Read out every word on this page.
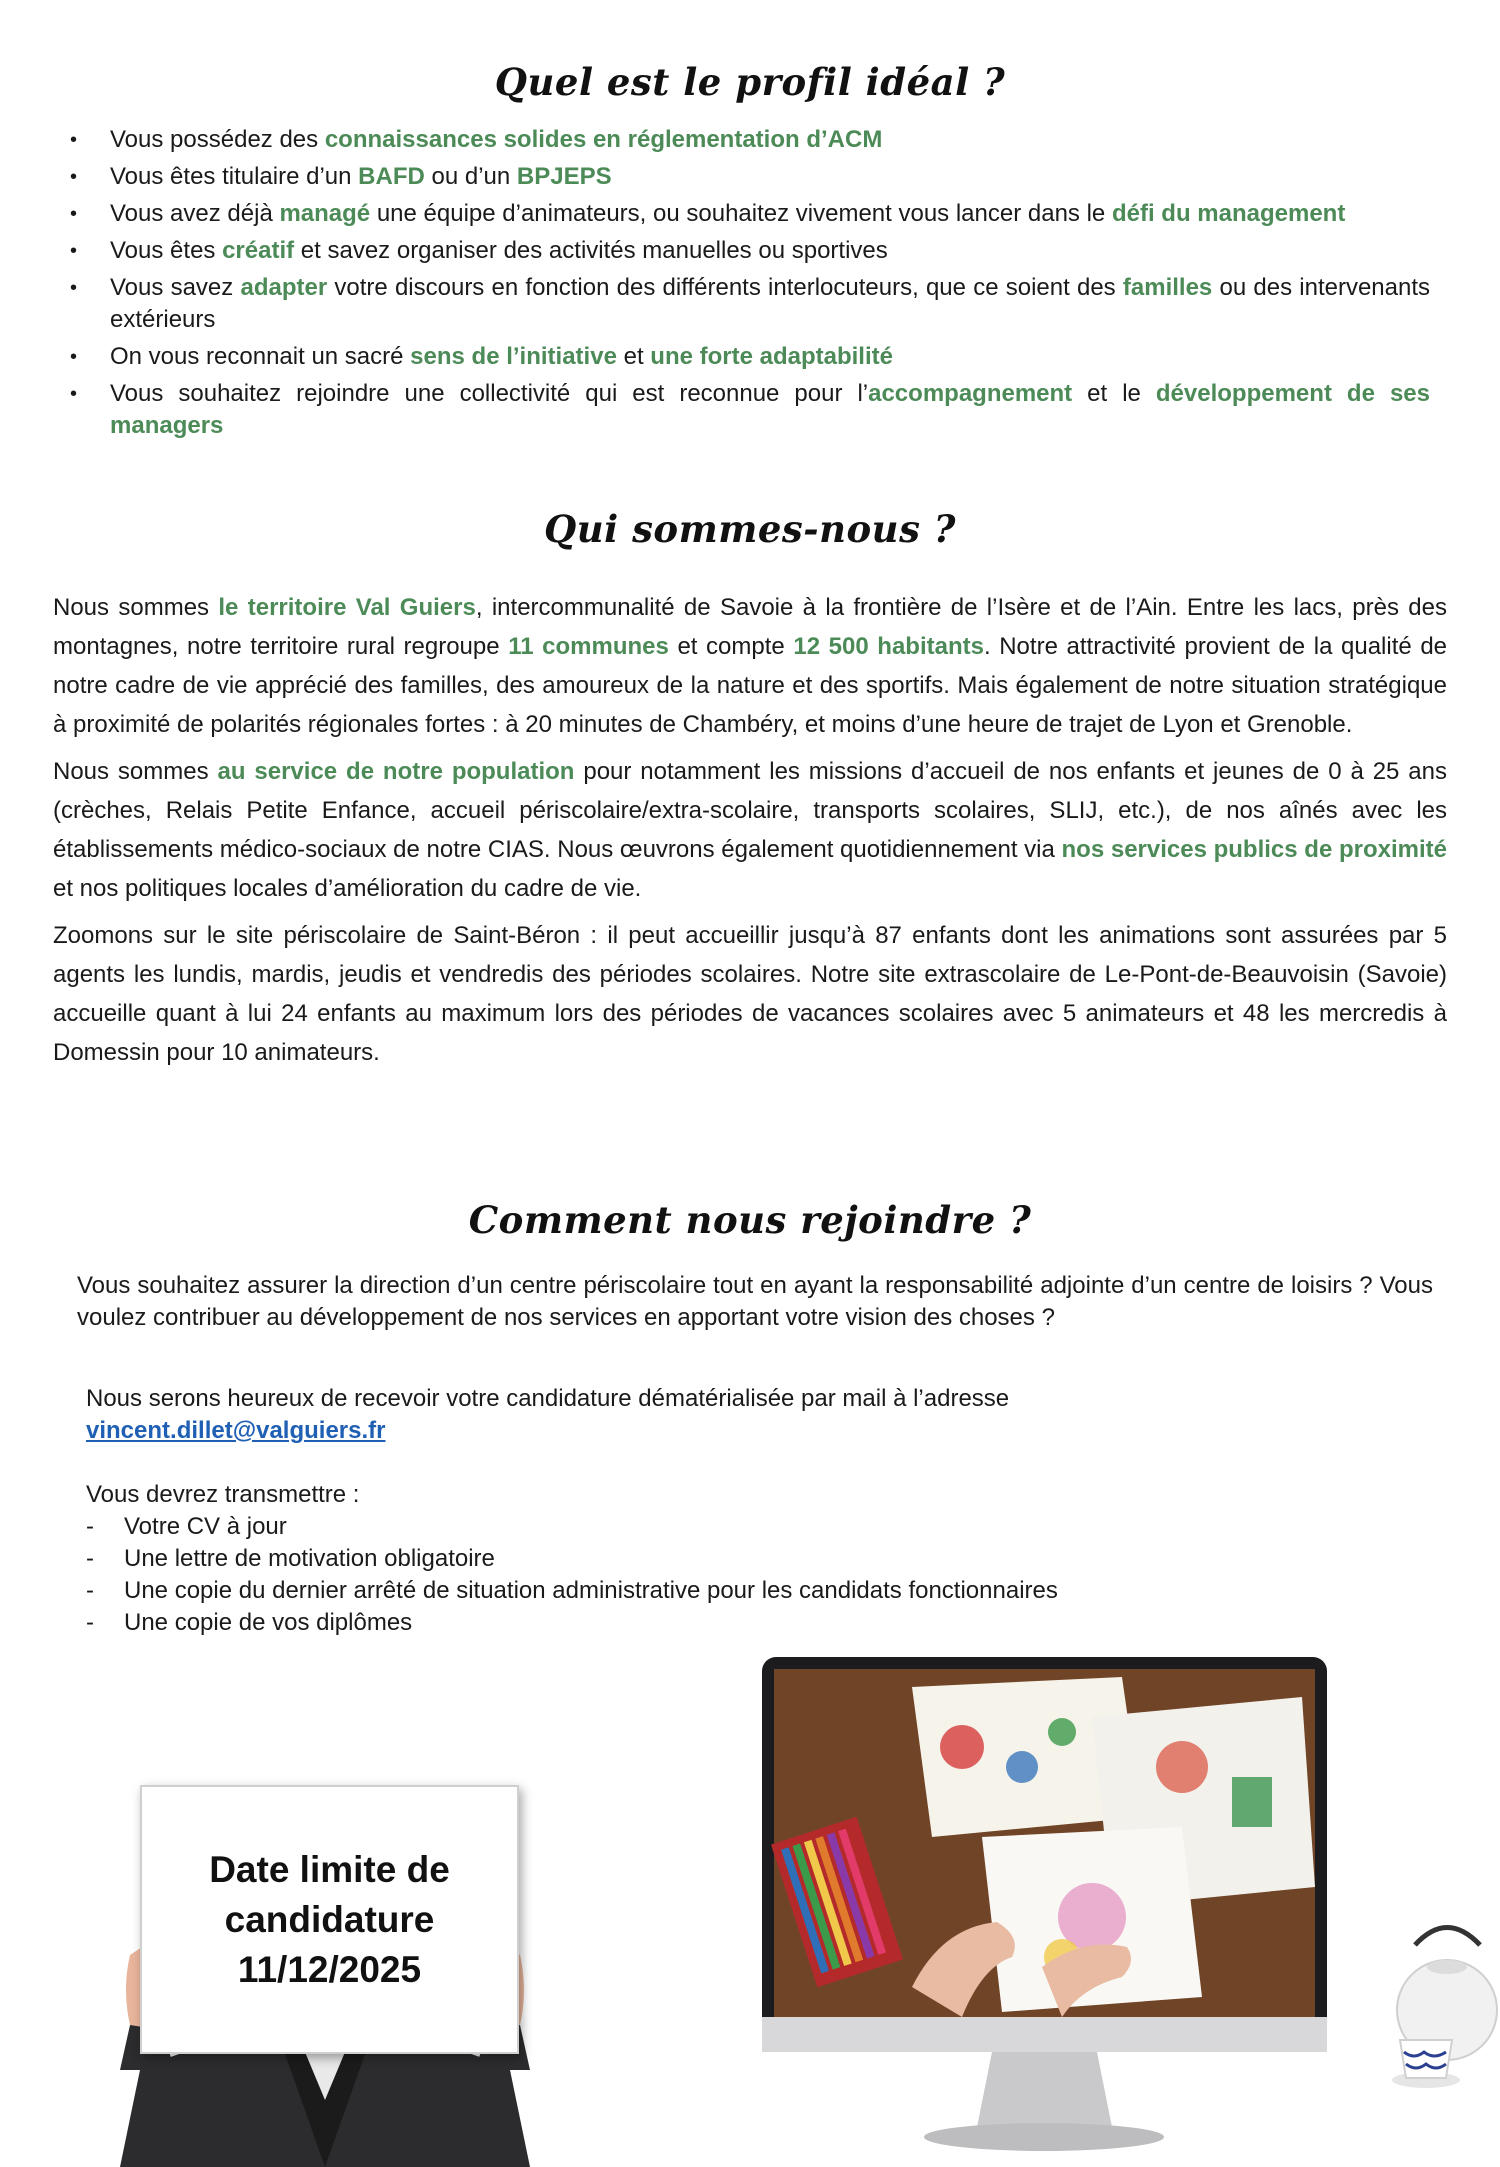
Quel est le profil idéal ?
• Vous possédez des connaissances solides en réglementation d’ACM
• Vous êtes titulaire d’un BAFD ou d’un BPJEPS
• Vous avez déjà managé une équipe d’animateurs, ou souhaitez vivement vous lancer dans le défi du management
• Vous êtes créatif et savez organiser des activités manuelles ou sportives
• Vous savez adapter votre discours en fonction des différents interlocuteurs, que ce soient des familles ou des intervenants extérieurs
• On vous reconnait un sacré sens de l’initiative et une forte adaptabilité
• Vous souhaitez rejoindre une collectivité qui est reconnue pour l’accompagnement et le développement de ses managers
Qui sommes-nous ?

Nous sommes le territoire Val Guiers, intercommunalité de Savoie à la frontière de l’Isère et de l’Ain. Entre les lacs, près des montagnes, notre territoire rural regroupe 11 communes et compte 12 500 habitants. Notre attractivité provient de la qualité de notre cadre de vie apprécié des familles, des amoureux de la nature et des sportifs. Mais également de notre situation stratégique à proximité de polarités régionales fortes : à 20 minutes de Chambéry, et moins d’une heure de trajet de Lyon et Grenoble.

Nous sommes au service de notre population pour notamment les missions d’accueil de nos enfants et jeunes de 0 à 25 ans (crèches, Relais Petite Enfance, accueil périscolaire/extra-scolaire, transports scolaires, SLIJ, etc.), de nos aînés avec les établissements médico-sociaux de notre CIAS. Nous œuvrons également quotidiennement via nos services publics de proximité et nos politiques locales d’amélioration du cadre de vie.

Zoomons sur le site périscolaire de Saint-Béron : il peut accueillir jusqu’à 87 enfants dont les animations sont assurées par 5 agents les lundis, mardis, jeudis et vendredis des périodes scolaires. Notre site extrascolaire de Le-Pont-de-Beauvoisin (Savoie) accueille quant à lui 24 enfants au maximum lors des périodes de vacances scolaires avec 5 animateurs et 48 les mercredis à Domessin pour 10 animateurs.

Comment nous rejoindre ?

Vous souhaitez assurer la direction d’un centre périscolaire tout en ayant la responsabilité adjointe d’un centre de loisirs ? Vous voulez contribuer au développement de nos services en apportant votre vision des choses ?

Nous serons heureux de recevoir votre candidature dématérialisée par mail à l’adresse

vincent.dillet@valguiers.fr

Vous devrez transmettre :

- Votre CV à jour
- Une lettre de motivation obligatoire
- Une copie du dernier arrêté de situation administrative pour les candidats fonctionnaires
- Une copie de vos diplômes
Date limite de
candidature
11/12/2025
